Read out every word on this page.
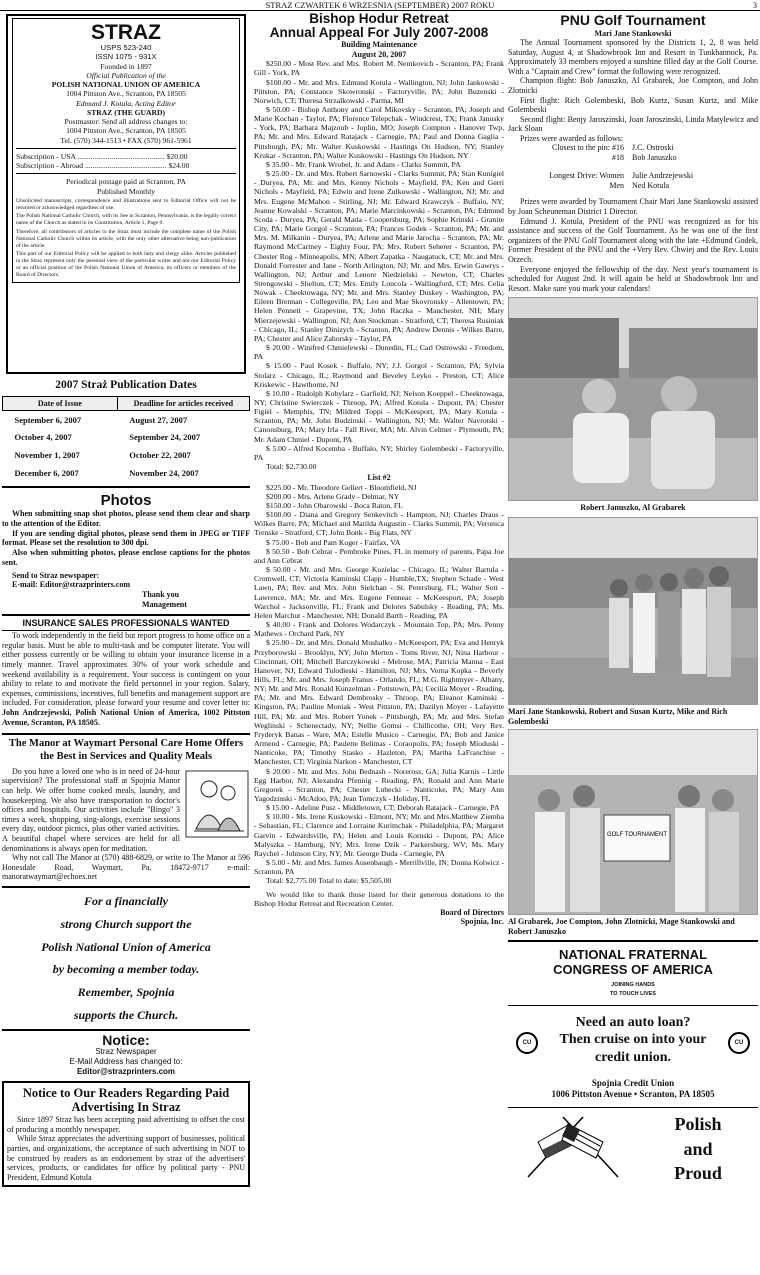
STRAZ CZWARTEK 6 WRZESNIA (SEPTEMBER) 2007 ROKU	3
STRAZ
USPS 523-240
ISSN 1075 - 931X
Founded in 1897
Official Publication of the
POLISH NATIONAL UNION OF AMERICA
1004 Pittston Ave., Scranton, PA 18505
Edmund J. Kotula, Acting Editor
STRAZ (THE GUARD)
Postmaster: Send all address changes to:
1004 Pittston Ave., Scranton, PA 18505
Tel. (570) 344-1513 • FAX (570) 961-5961
Subscription - USA .............................................. $20.00
Subscription - Abroad ........................................... $24.00
Periodical postage paid at Scranton, PA
Published Monthly
Unsolicited manuscripts, correspondence and illustrations sent to Editorial Office will not be returned or acknowledged regardless of use.
The Polish National Catholic Church, with its See in Scranton, Pennsylvania, is the legally correct name of the Church as stated in its Constitution, Article 1, Page 9.
Therefore, all contributors of articles to the Straz must include the complete name of the Polish National Catholic Church within its article, with the only other alternative being non-publication of the article.
This part of our Editorial Policy will be applied to both laity and clergy alike. Articles published in the Straz represent only the personal view of the particular writer and not our Editorial Policy or an official position of the Polish National Union of America, its officers or members of the Board of Directors.
2007 Straż Publication Dates
Date of Issue	Deadline for articles received
September 6, 2007	August 27, 2007
October 4, 2007	September 24, 2007
November 1, 2007	October 22, 2007
December 6, 2007	November 24, 2007
Photos

When submitting snap shot photos, please send them clear and sharp to the attention of the Editor.

If you are sending digital photos, please send them in JPEG or TIFF format. Please set the resolution to 300 dpi.

Also when submitting photos, please enclose captions for the photos sent.

Send to Straz newspaper:

E-mail: Editor@strazprinters.com

Thank you

Management

INSURANCE SALES PROFESSIONALS WANTED

To work independently in the field but report progress to home office on a regular basis. Must be able to multi-task and be computer literate. You will either possess currently or be willing to obtain your insurance license in a timely manner. Travel approximates 30% of your work schedule and weekend availability is a requirement. Your success is contingent on your ability to relate to and motivate the field personnel in your region. Salary, expenses, commissions, incentives, full benefits and management support are included. For consideration, please forward your resume and cover letter to: John Andrzejewski, Polish National Union of America, 1002 Pittston Avenue, Scranton, PA 18505.

The Manor at Waymart Personal Care Home Offers the Best in Services and Quality Meals

Do you have a loved one who is in need of 24-hour supervision? The professional staff at Spojnia Manor can help. We offer home cooked meals, laundry, and housekeeping. We also have transportation to doctor's offices and hospitals. Our activities include "Bingo" 3 times a week, shopping, sing-alongs, exercise sessions every day, outdoor picnics, plus other varied activities. A beautiful chapel where services are held for all denominations is always open for meditation.

Why not call The Manor at (570) 488-6829, or write to The Manor at 596 Honesdale Road, Waymart, Pa. 18472-9717 e-mail: manoratwaymart@echoes.net

For a financially
strong Church support the
Polish National Union of America
by becoming a member today.
Remember, Spojnia
supports the Church.
Notice:
Straz Newspaper
E-Mail Address has changed to:
Editor@strazprinters.com
Notice to Our Readers Regarding Paid Advertising In Straz

Since 1897 Straz has been accepting paid advertising to offset the cost of producing a monthly newspaper.

While Straz appreciates the advertising support of businesses, political parties, and organizations, the acceptance of such advertising in NOT to be construed by readers as an endorsement by straz of the advertisers' services, products, or candidates for office by political party - PNU President, Edmund Kotula

Bishop Hodur Retreat
Annual Appeal For July 2007-2008
Building Maintenance
August 20, 2007

$250.00 - Most Rev. and Mrs. Robert M. Nemkovich - Scranton, PA; Frank Gill - York, PA

$100.00 - Mr. and Mrs. Edmund Kotula - Wallington, NJ; John Jankowski - Pittston, PA; Constance Skowronski - Factoryville, PA; John Buzenski - Norwich, CT; Theresa Strzalkowski - Parma, MI

$ 50.00 - Bishop Anthony and Carol Mikovsky - Scranton, PA; Joseph and Marie Kochan - Taylor, PA; Florence Telepchak - Windcrest, TX; Frank Janusky - York, PA; Barbara Majzoub - Joplin, MO; Joseph Compton - Hanover Twp, PA; Mr. and Mrs. Edward Ratajack - Carnegie, PA; Paul and Donna Gaglia - Pittsburgh, PA; Mr. Walter Kuskowski - Hastings On Hudson, NY; Stanley Krukar - Scranton, PA; Walter Kuskowski - Hastings On Hudson, NY

$ 35.00 - Mr. Frank Wrobel, Jr. and Adam - Clarks Summit, PA

$ 25.00 - Dr. and Mrs. Robert Sarnowski - Clarks Summit, PA; Stan Kunigiel - Duryea, PA; Mr. and Mrs. Kenny Nichols - Mayfield, PA; Ken and Gerri Nichols - Mayfield, PA; Edwin and Irene Zulkowski - Wallington, NJ; Mr. and Mrs. Eugene McMahon - Stirling, NJ; Mr. Edward Krawczyk - Buffalo, NY; Jeanne Kowalski - Scranton, PA; Marie Marcinkowski - Scranton, PA; Edmund Scoda - Duryea, PA; Gerald Matla - Coopersburg, PA; Sophie Krinski - Granite City, PA; Marie Gorgol - Scranton, PA; Frances Godek - Scranton, PA; Mr. and Mrs. M. Milkanin - Duryea, PA; Arlene and Marie Jarocha - Scranton, PA; Mr. Raymond McCartney - Eighty Four, PA; Mrs. Robert Seherer - Scranton, PA; Chester Rog - Minneapolis, MN; Albert Zapatka - Naugatuck, CT; Mr. and Mrs. Donald Forrester and Jane - North Arlington, NJ; Mr. and Mrs. Erwin Gawrys - Wallington, NJ; Arthur and Lenore Niedzielski - Newton, CT; Charles Strengowski - Shelton, CT; Mrs. Emily Loncola - Wallingford, CT; Mrs. Celia Nowak - Cheektowaga, NY; Mr. and Mrs. Stanley Duskey - Washington, PA; Eileen Brennan - Collegeville, PA; Leo and Mae Skovronsky - Allentown, PA; Helen Pennett - Grapevine, TX; John Raczka - Manchester, NH; Mary Mierzejewski - Wallington, NJ; Ann Stockman - Stratford, CT; Theresa Rusiniak - Chicago, IL; Stanley Dinizych - Scranton, PA; Andrew Dennis - Wilkes Barre, PA; Chester and Alice Zahorsky - Taylor, PA

$ 20.00 - Winifred Chmielewski - Dunedin, FL; Carl Ostrowski - Freedom, PA

$ 15.00 - Paul Kosek - Buffalo, NY; J.J. Gorgol - Scranton, PA; Sylvia Stolarz - Chicago, IL; Raymond and Beveley Leyko - Preston, CT; Alice Kriskewic - Hawthorne, NJ

$ 10.00 - Rudolph Kobylarz - Garfield, NJ; Nelson Koeppel - Cheektowaga, NY; Christine Swierczek - Throop, PA; Alfred Kotula - Dupont, PA; Chester Figiel - Memphis, TN; Mildred Toppi - McKeesport, PA; Mary Kotula - Scranton, PA; Mr. John Budzinski - Wallington, NJ; Mr. Walter Navrotski - Canonsburg, PA; Mary Irla - Fall River, MA; Mr. Alvin Celmer - Plymouth, PA; Mr. Adam Chmiel - Dupont, PA

$ 5.00 - Alfred Kocemba - Buffalo, NY; Shirley Golembeski - Factoryville, PA

Total: $2,730.00

List #2

$225.00 - Mr. Theodore Gellert - Bloomfield, NJ

$200.00 - Mrs. Arlene Grady - Delmar, NY

$150.00 - John Obarowski - Boca Raton, FL

$100.00 - Diana and Gregory Senkevitch - Hampton, NJ; Charles Draus - Wilkes Barre, PA; Michael and Matilda Augustin - Clarks Summit, PA; Veronica Trenske - Stratford, CT; John Bonk - Big Flats, NY

$ 75.00 - Bob and Pam Koger - Fairfax, VA

$ 50.50 - Bob Cebrat - Pembroke Pines, FL in memory of parents, Papa Joe and Ann Cebrat

$ 50.00 - Mr. and Mrs. George Kozielac - Chicago, IL; Walter Bartula - Cromwell, CT; Victoria Kaminski Clapp - Humble,TX; Stephen Schade - West Lawn, PA; Rev. and Mrs. John Sielchan - St. Petersburg, FL; Walter Sott - Lawrence, MA; Mr. and Mrs. Eugene Fenneac - McKeesport, PA; Joseph Warchol - Jacksonville, FL; Frank and Delores Sabulsky - Reading, PA; Ms. Helen Marchut - Manchester, NH; Donald Barth - Reading, PA

$ 40.00 - Frank and Dolores Wodarczyk - Mountain Top, PA; Mrs. Penny Mathews - Orchard Park, NY

$ 25.00 - Dr. and Mrs. Donald Mushalko - McKeesport, PA; Eva and Henryk Przyborowski - Brooklyn, NY; John Merten - Toms River, NJ; Nina Harbour - Cincinnati, OH; Mitchell Barczykowski - Melrose, MA; Patricia Manna - East Hanover, NJ; Edward Tulodieski - Hamilton, NJ; Mrs. Verna Kopka - Beverly Hills, FL; Mr. and Mrs. Joseph Franus - Orlando, FL; M.G. Rightmyer - Albany, NY; Mr. and Mrs. Ronald Kunzelman - Pottstown, PA; Cecilia Moyer - Reading, PA; Mr. and Mrs. Edward Dembrosky - Throop, PA; Eleanor Kaminski - Kingston, PA; Pauline Moniak - West Pittston, PA; Dazilyn Moyer - Lafayette Hill, PA; Mr. and Mrs. Robert Yonek - Pittsburgh, PA; Mr. and Mrs. Stefan Weglinski - Schenectady, NY; Nellie Gomsi - Chillicothe, OH; Very Rev. Fryderyk Banas - Ware, MA; Estelle Musico - Carnegie, PA; Bob and Janice Armend - Carnegie, PA; Paulette Belimas - Coraopolis, PA; Joseph Mioduski - Nanticoke, PA; Timothy Stasko - Hazleton, PA; Martha LaFranchise - Manchester, CT; Virginia Narkon - Manchester, CT

$ 20.00 - Mr. and Mrs. John Bednash - Noreross, GA; Julia Karnis - Little Egg Harbor, NJ; Alexandra Pfennig - Reading, PA; Ronald and Ann Marie Gregorek - Scranton, PA; Chester Lubecki - Nanticoke, PA; Mary Ann Yagodzinski - McAdoo, PA; Jean Tomczyk - Holiday, FL

$ 15.00 - Adeline Pusz - Middletown, CT; Deborah Ratajack - Carnegie, PA

$ 10.00 - Ms. Irene Kuskowski - Elmont, NY; Mr. and Mrs.Matthew Ziemba - Sebastian, FL; Clarence and Lorraine Kurimchak - Philadelphia, PA; Margaret Garvin - Edwardsville, PA; Helen and Louis Kornski - Dupont, PA; Alice Malyszka - Hamburg, NY; Mrs. Irene Dzik - Parkersburg, WV; Ms. Mary Raychel - Johnson City, NY; Mr. George Duda - Carnegie, PA

$ 5.00 - Mr. and Mrs. James Ausenbaugh - Merrillville, IN; Donna Kolwicz - Scranton, PA

Total: $2,775.00 Total to date: $5,505.00

We would like to thank those listed for their generous donations to the Bishop Hodur Retreat and Recreation Center.

Board of Directors
Spojnia, Inc.
PNU Golf Tournament
Mari Jane Stankowski

The Annual Tournament sponsored by the Districts 1, 2, 8 was held Saturday, August 4, at Shadowbrook Inn and Resort in Tunkhannock, Pa. Approximately 33 members enjoyed a sunshine filled day at the Golf Course. With a "Captain and Crew" format the following were recognized.

Champion flight: Bob Januszko, Al Grabarek, Joe Compton, and John Zlotnicki

First flight: Rich Golembeski, Bob Kurtz, Susan Kurtz, and Mike Golembeski

Second flight: Benjy Jaroszinski, Joan Jaroszinski, Linda Matylewicz and Jack Sloan

Prizes were awarded as follows:

Closest to the pin: #16	J.C. Ostroski
#18	Bob Januszko
Longest Drive: Women	Julie Andrzejewski
Men	Ned Kotula

Prizes were awarded by Tournament Chair Mari Jane Stankowski assisted by Joan Scheuneman District 1 Director.

Edmund J. Kotula, President of the PNU was recognized as for his assistance and success of the Golf Tournament. As he was one of the first organizers of the PNU Golf Tournament along with the late +Edmund Godek, Former President of the PNU and the +Very Rev. Chwiej and the Rev. Louis Orzech.

Everyone enjoyed the fellowship of the day. Next year's tournament is scheduled for August 2nd. It will again be held at Shadowbrook Inn and Resort. Make sure you mark your calendars!

Robert Januszko, Al Grabarek
Mari Jane Stankowski, Robert and Susan Kurtz, Mike and Rich Golembeski
GOLF TOURNAMENT
Al Grabarek, Joe Compton, John Zlotnicki, Mage Stankowski and Robert Januszko
NATIONAL FRATERNAL
CONGRESS OF AMERICA
JOINING HANDS
TO TOUCH LIVES
CU	CU
Need an auto loan?
Then cruise on into your
credit union.
Spojnia Credit Union
1006 Pittston Avenue • Scranton, PA 18505
Polish
and
Proud
